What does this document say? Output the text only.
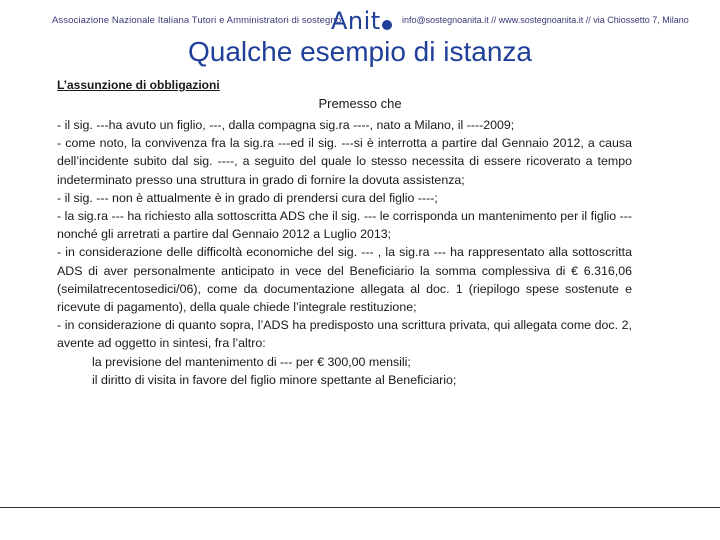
Associazione Nazionale Italiana Tutori e Amministratori di sostegno
Anit	info@sostegnoanita.it // www.sostegnoanita.it // via Chiossetto 7, Milano
Qualche esempio di istanza
L’assunzione di obbligazioni
Premesso che

- il sig. ---ha avuto un figlio, ---, dalla compagna sig.ra ----, nato a Milano, il ----2009;

- come noto, la convivenza fra la sig.ra ---ed il sig. ---si è interrotta a partire dal Gennaio 2012, a causa dell’incidente subito dal sig. ----, a seguito del quale lo stesso necessita di essere ricoverato a tempo indeterminato presso una struttura in grado di fornire la dovuta assistenza;

- il sig. --- non è attualmente è in grado di prendersi cura del figlio ----;

- la sig.ra --- ha richiesto alla sottoscritta ADS che il sig. --- le corrisponda un mantenimento per il figlio --- nonché gli arretrati a partire dal Gennaio 2012 a Luglio 2013;

- in considerazione delle difficoltà economiche del sig. --- , la sig.ra --- ha rappresentato alla sottoscritta ADS di aver personalmente anticipato in vece del Beneficiario la somma complessiva di € 6.316,06 (seimilatrecentosedici/06), come da documentazione allegata al doc. 1 (riepilogo spese sostenute e ricevute di pagamento), della quale chiede l’integrale restituzione;

- in considerazione di quanto sopra, l’ADS ha predisposto una scrittura privata, qui allegata come doc. 2, avente ad oggetto in sintesi, fra l’altro:

la previsione del mantenimento di --- per € 300,00 mensili;

il diritto di visita in favore del figlio minore spettante al Beneficiario;
